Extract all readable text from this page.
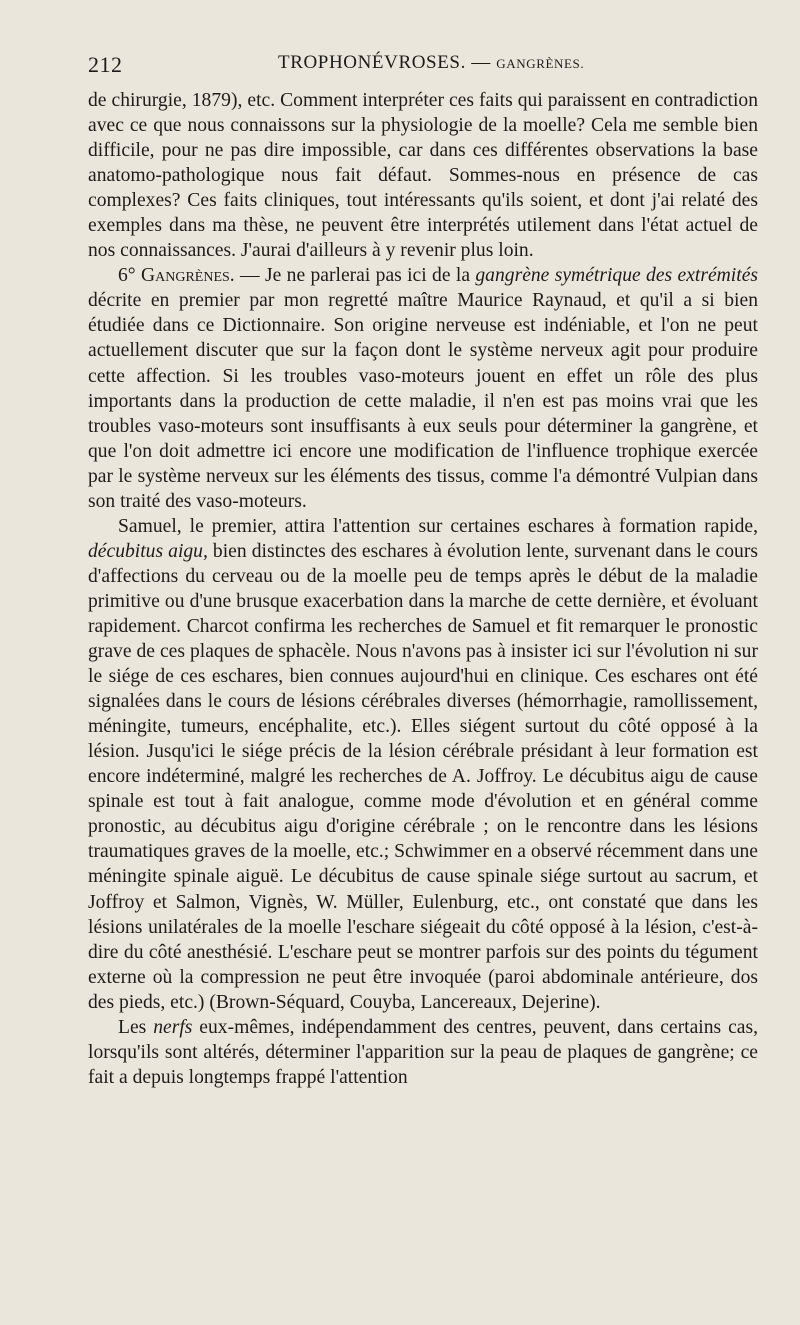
212	TROPHONÉVROSES. — GANGRÈNES.

de chirurgie, 1879), etc. Comment interpréter ces faits qui paraissent en contradiction avec ce que nous connaissons sur la physiologie de la moelle? Cela me semble bien difficile, pour ne pas dire impossible, car dans ces différentes observations la base anatomo-pathologique nous fait défaut. Sommes-nous en présence de cas complexes? Ces faits cliniques, tout intéressants qu'ils soient, et dont j'ai relaté des exemples dans ma thèse, ne peuvent être interprétés utilement dans l'état actuel de nos connaissances. J'aurai d'ailleurs à y revenir plus loin.

6° Gangrènes. — Je ne parlerai pas ici de la gangrène symétrique des extrémités décrite en premier par mon regretté maître Maurice Raynaud, et qu'il a si bien étudiée dans ce Dictionnaire. Son origine nerveuse est indéniable, et l'on ne peut actuellement discuter que sur la façon dont le système nerveux agit pour produire cette affection. Si les troubles vaso-moteurs jouent en effet un rôle des plus importants dans la production de cette maladie, il n'en est pas moins vrai que les troubles vaso-moteurs sont insuffisants à eux seuls pour déterminer la gangrène, et que l'on doit admettre ici encore une modification de l'influence trophique exercée par le système nerveux sur les éléments des tissus, comme l'a démontré Vulpian dans son traité des vaso-moteurs.

Samuel, le premier, attira l'attention sur certaines eschares à formation rapide, décubitus aigu, bien distinctes des eschares à évolution lente, survenant dans le cours d'affections du cerveau ou de la moelle peu de temps après le début de la maladie primitive ou d'une brusque exacerbation dans la marche de cette dernière, et évoluant rapidement. Charcot confirma les recherches de Samuel et fit remarquer le pronostic grave de ces plaques de sphacèle. Nous n'avons pas à insister ici sur l'évolution ni sur le siége de ces eschares, bien connues aujourd'hui en clinique. Ces eschares ont été signalées dans le cours de lésions cérébrales diverses (hémorrhagie, ramollissement, méningite, tumeurs, encéphalite, etc.). Elles siégent surtout du côté opposé à la lésion. Jusqu'ici le siége précis de la lésion cérébrale présidant à leur formation est encore indéterminé, malgré les recherches de A. Joffroy. Le décubitus aigu de cause spinale est tout à fait analogue, comme mode d'évolution et en général comme pronostic, au décubitus aigu d'origine cérébrale ; on le rencontre dans les lésions traumatiques graves de la moelle, etc.; Schwimmer en a observé récemment dans une méningite spinale aiguë. Le décubitus de cause spinale siége surtout au sacrum, et Joffroy et Salmon, Vignès, W. Müller, Eulenburg, etc., ont constaté que dans les lésions unilatérales de la moelle l'eschare siégeait du côté opposé à la lésion, c'est-à-dire du côté anesthésié. L'eschare peut se montrer parfois sur des points du tégument externe où la compression ne peut être invoquée (paroi abdominale antérieure, dos des pieds, etc.) (Brown-Séquard, Couyba, Lancereaux, Dejerine).

Les nerfs eux-mêmes, indépendamment des centres, peuvent, dans certains cas, lorsqu'ils sont altérés, déterminer l'apparition sur la peau de plaques de gangrène; ce fait a depuis longtemps frappé l'attention
